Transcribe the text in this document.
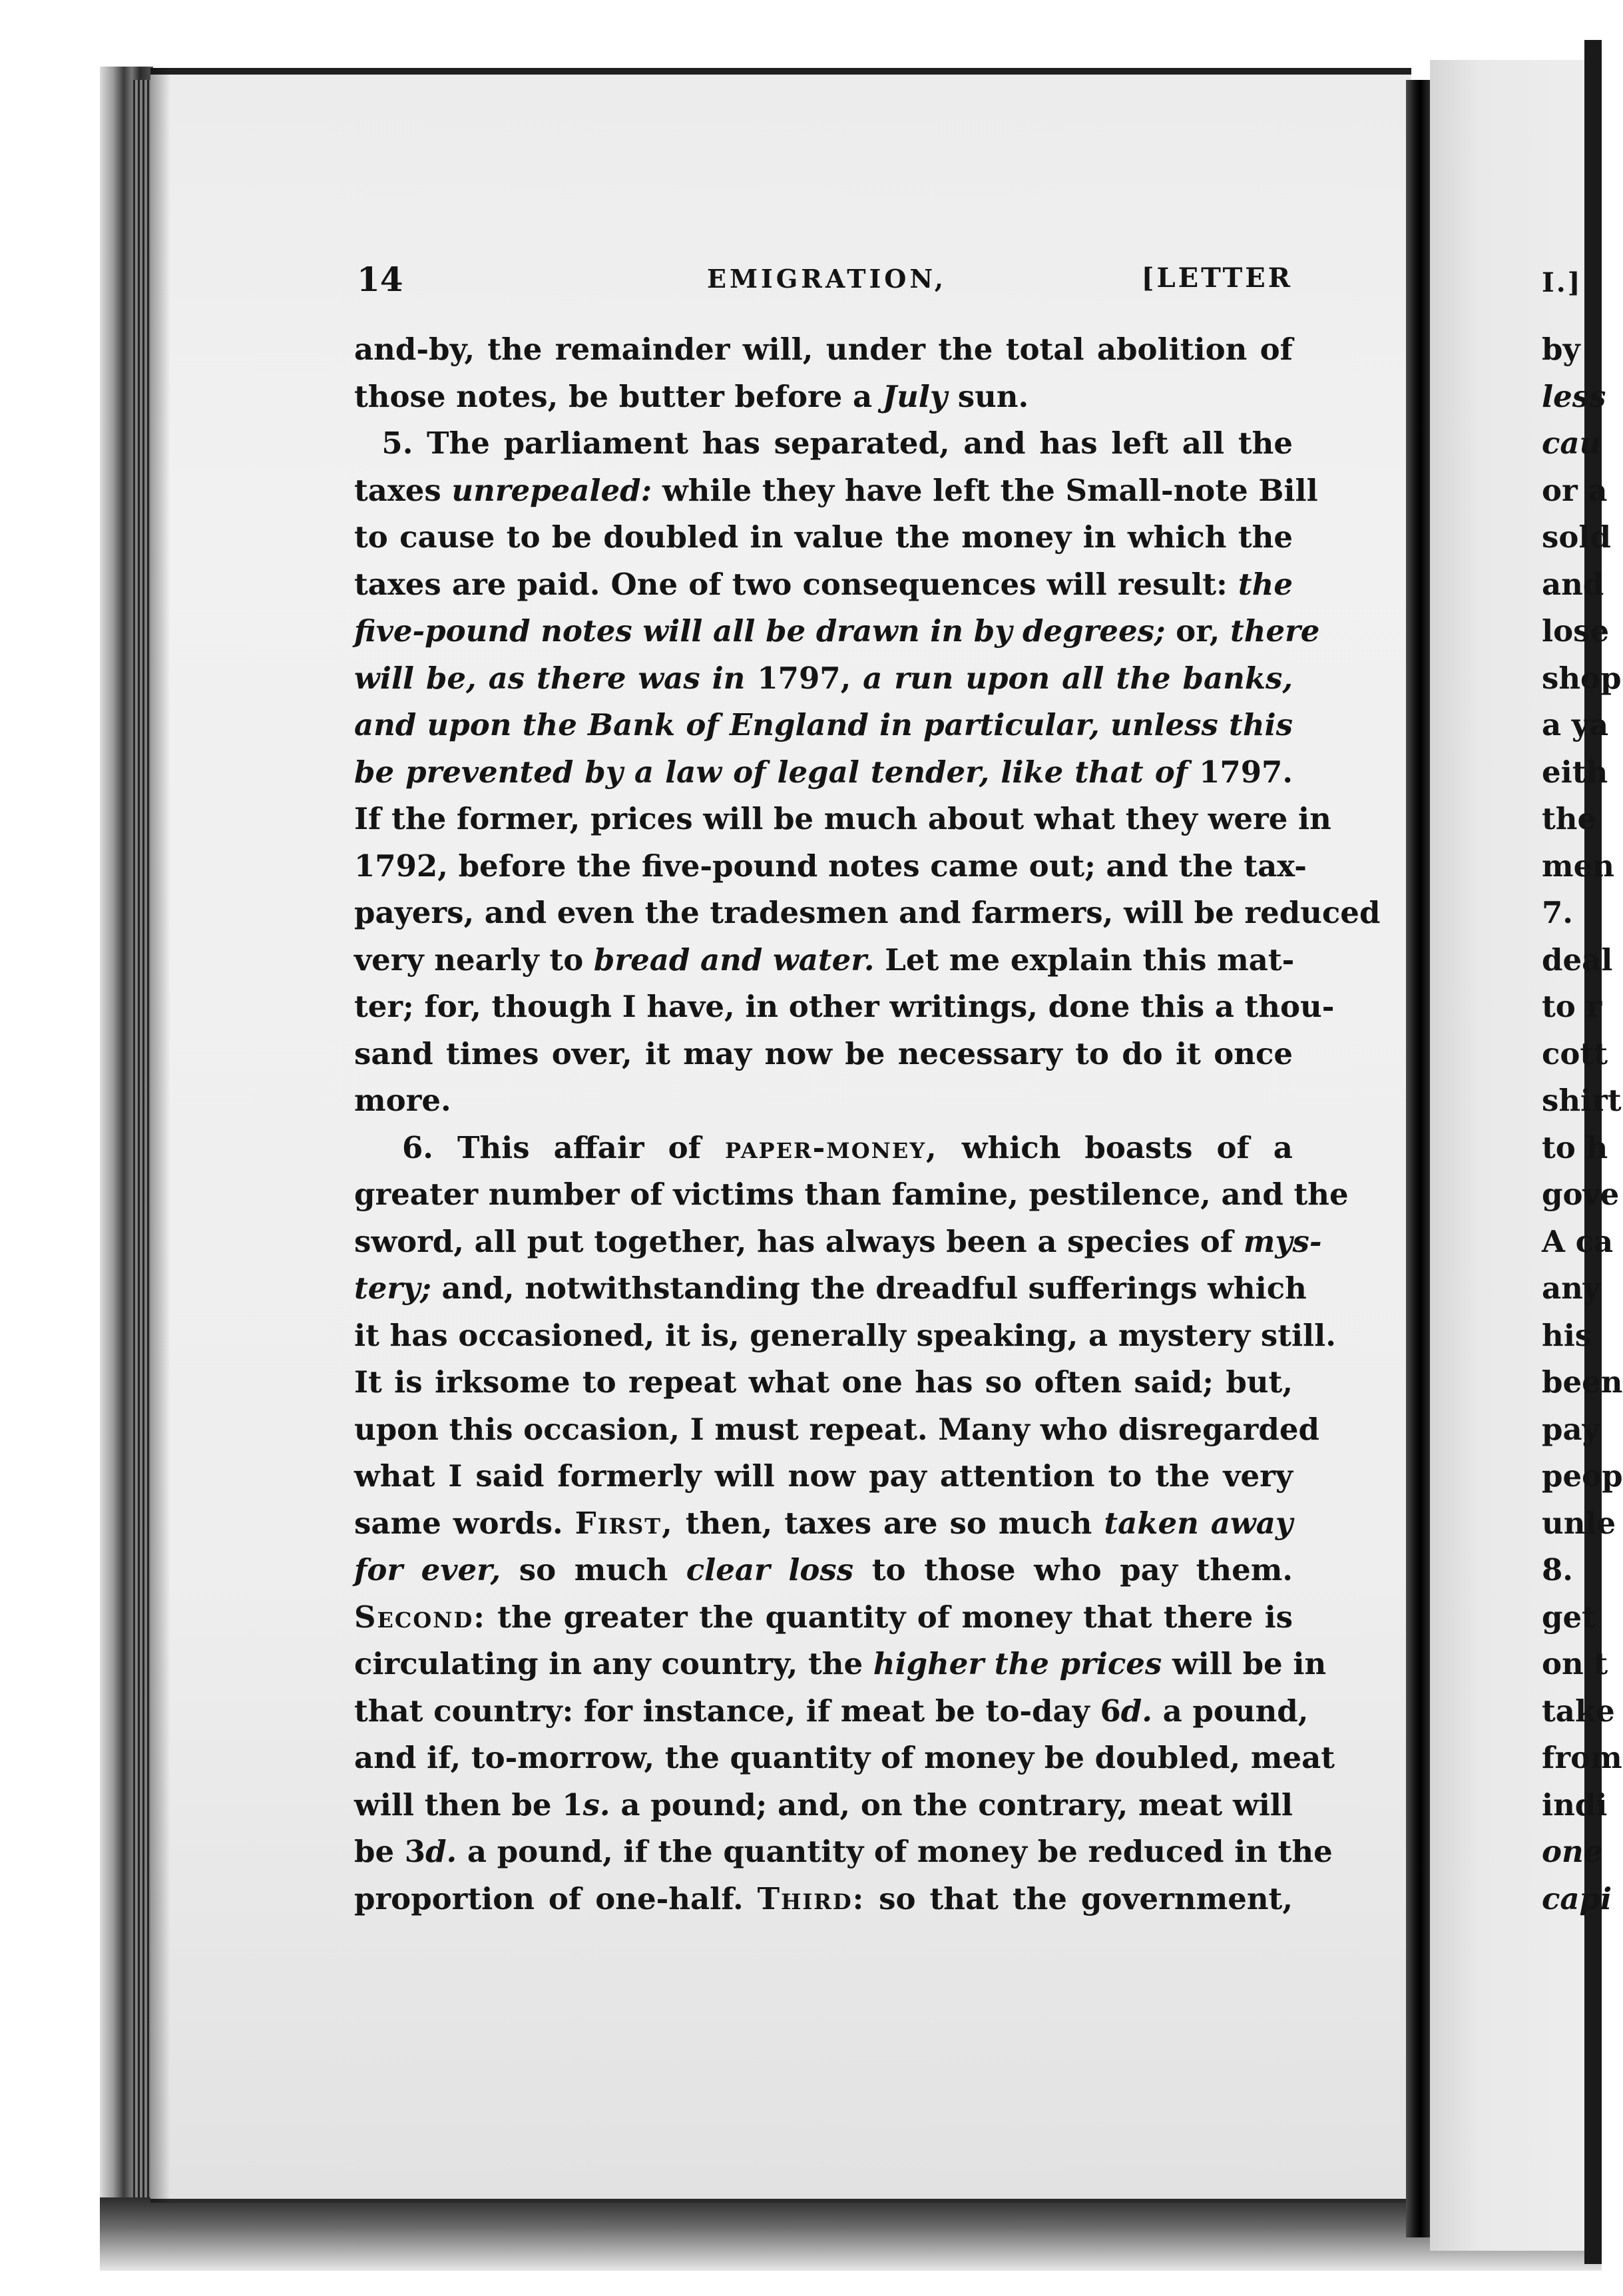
14	EMIGRATION,	[LETTER
and-by, the remainder will, under the total abolition of
those notes, be butter before a July sun.
5. The parliament has separated, and has left all the
taxes unrepealed: while they have left the Small-note Bill
to cause to be doubled in value the money in which the
taxes are paid. One of two consequences will result: the
five-pound notes will all be drawn in by degrees; or, there
will be, as there was in 1797, a run upon all the banks,
and upon the Bank of England in particular, unless this
be prevented by a law of legal tender, like that of 1797.
If the former, prices will be much about what they were in
1792, before the five-pound notes came out; and the tax-
payers, and even the tradesmen and farmers, will be reduced
very nearly to bread and water. Let me explain this mat-
ter; for, though I have, in other writings, done this a thou-
sand times over, it may now be necessary to do it once
more.
6. This affair of paper-money, which boasts of a
greater number of victims than famine, pestilence, and the
sword, all put together, has always been a species of mys-
tery; and, notwithstanding the dreadful sufferings which
it has occasioned, it is, generally speaking, a mystery still.
It is irksome to repeat what one has so often said; but,
upon this occasion, I must repeat. Many who disregarded
what I said formerly will now pay attention to the very
same words. First, then, taxes are so much taken away
for ever, so much clear loss to those who pay them.
Second: the greater the quantity of money that there is
circulating in any country, the higher the prices will be in
that country: for instance, if meat be to-day 6d. a pound,
and if, to-morrow, the quantity of money be doubled, meat
will then be 1s. a pound; and, on the contrary, meat will
be 3d. a pound, if the quantity of money be reduced in the
proportion of one-half. Third: so that the government,
I.]
by
less
cau
or a
sold
and
lose
shop
a ya
eith
the
men
7.
deal
to r
cott
shirt
to h
gove
A ca
any
his
been
pay
peop
unle
8.
get
on t
take
from
indi
one
capi
